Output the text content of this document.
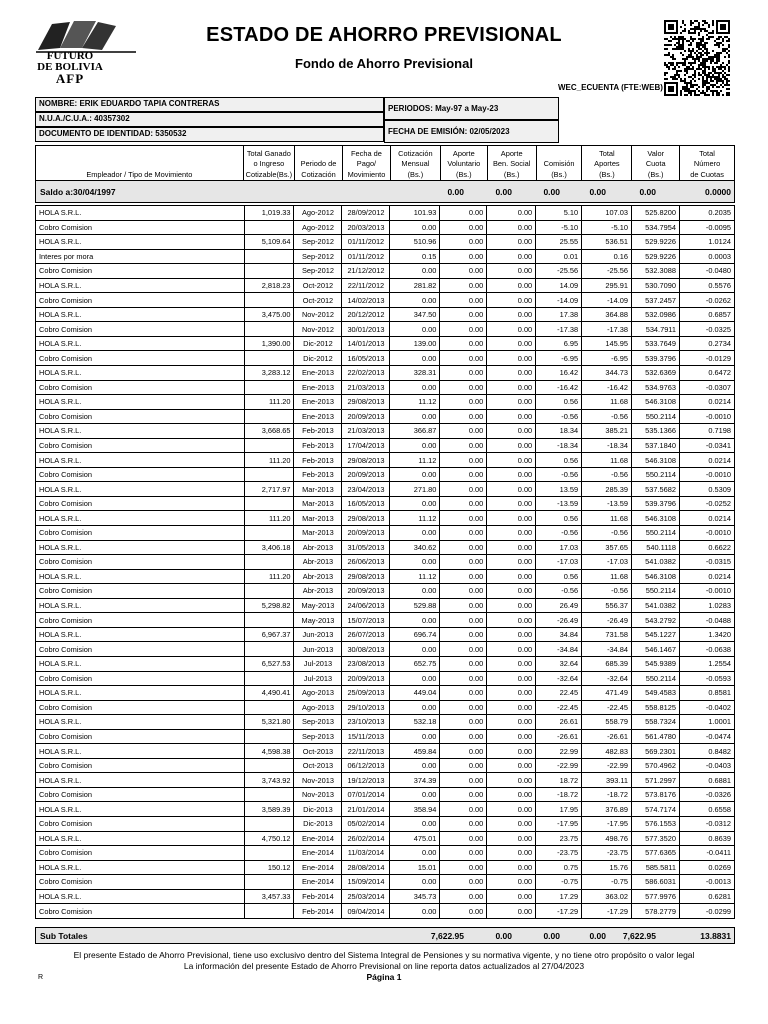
FUTURO
DE BOLIVIA
AFP
ESTADO DE AHORRO PREVISIONAL
Fondo de Ahorro Previsional
WEC_ECUENTA (FTE:WEB)
NOMBRE: ERIK EDUARDO TAPIA CONTRERAS
N.U.A./C.U.A.: 40357302
DOCUMENTO DE IDENTIDAD: 5350532
PERIODOS: May-97 a May-23
FECHA DE EMISIÓN: 02/05/2023
Empleador / Tipo de Movimiento

Total Ganado
o Ingreso
Cotizable(Bs.)

Periodo de
Cotización

Fecha de
Pago/
Movimiento

Cotización
Mensual
(Bs.)

Aporte
Voluntario
(Bs.)

Aporte
Ben. Social
(Bs.)

Comisión
(Bs.)

Total
Aportes
(Bs.)

Valor
Cuota
(Bs.)

Total
Número
de Cuotas
Saldo a:30/04/1997	0.00	0.00	0.00	0.00	0.00	0.0000
HOLA S.R.L.	1,019.33	Ago-2012	28/09/2012	101.93	0.00	0.00	5.10	107.03	525.8200	0.2035
Cobro Comision		Ago-2012	20/03/2013	0.00	0.00	0.00	-5.10	-5.10	534.7954	-0.0095
HOLA S.R.L.	5,109.64	Sep-2012	01/11/2012	510.96	0.00	0.00	25.55	536.51	529.9226	1.0124
Interes por mora		Sep-2012	01/11/2012	0.15	0.00	0.00	0.01	0.16	529.9226	0.0003
Cobro Comision		Sep-2012	21/12/2012	0.00	0.00	0.00	-25.56	-25.56	532.3088	-0.0480
HOLA S.R.L.	2,818.23	Oct-2012	22/11/2012	281.82	0.00	0.00	14.09	295.91	530.7090	0.5576
Cobro Comision		Oct-2012	14/02/2013	0.00	0.00	0.00	-14.09	-14.09	537.2457	-0.0262
HOLA S.R.L.	3,475.00	Nov-2012	20/12/2012	347.50	0.00	0.00	17.38	364.88	532.0986	0.6857
Cobro Comision		Nov-2012	30/01/2013	0.00	0.00	0.00	-17.38	-17.38	534.7911	-0.0325
HOLA S.R.L.	1,390.00	Dic-2012	14/01/2013	139.00	0.00	0.00	6.95	145.95	533.7649	0.2734
Cobro Comision		Dic-2012	16/05/2013	0.00	0.00	0.00	-6.95	-6.95	539.3796	-0.0129
HOLA S.R.L.	3,283.12	Ene-2013	22/02/2013	328.31	0.00	0.00	16.42	344.73	532.6369	0.6472
Cobro Comision		Ene-2013	21/03/2013	0.00	0.00	0.00	-16.42	-16.42	534.9763	-0.0307
HOLA S.R.L.	111.20	Ene-2013	29/08/2013	11.12	0.00	0.00	0.56	11.68	546.3108	0.0214
Cobro Comision		Ene-2013	20/09/2013	0.00	0.00	0.00	-0.56	-0.56	550.2114	-0.0010
HOLA S.R.L.	3,668.65	Feb-2013	21/03/2013	366.87	0.00	0.00	18.34	385.21	535.1366	0.7198
Cobro Comision		Feb-2013	17/04/2013	0.00	0.00	0.00	-18.34	-18.34	537.1840	-0.0341
HOLA S.R.L.	111.20	Feb-2013	29/08/2013	11.12	0.00	0.00	0.56	11.68	546.3108	0.0214
Cobro Comision		Feb-2013	20/09/2013	0.00	0.00	0.00	-0.56	-0.56	550.2114	-0.0010
HOLA S.R.L.	2,717.97	Mar-2013	23/04/2013	271.80	0.00	0.00	13.59	285.39	537.5682	0.5309
Cobro Comision		Mar-2013	16/05/2013	0.00	0.00	0.00	-13.59	-13.59	539.3796	-0.0252
HOLA S.R.L.	111.20	Mar-2013	29/08/2013	11.12	0.00	0.00	0.56	11.68	546.3108	0.0214
Cobro Comision		Mar-2013	20/09/2013	0.00	0.00	0.00	-0.56	-0.56	550.2114	-0.0010
HOLA S.R.L.	3,406.18	Abr-2013	31/05/2013	340.62	0.00	0.00	17.03	357.65	540.1118	0.6622
Cobro Comision		Abr-2013	26/06/2013	0.00	0.00	0.00	-17.03	-17.03	541.0382	-0.0315
HOLA S.R.L.	111.20	Abr-2013	29/08/2013	11.12	0.00	0.00	0.56	11.68	546.3108	0.0214
Cobro Comision		Abr-2013	20/09/2013	0.00	0.00	0.00	-0.56	-0.56	550.2114	-0.0010
HOLA S.R.L.	5,298.82	May-2013	24/06/2013	529.88	0.00	0.00	26.49	556.37	541.0382	1.0283
Cobro Comision		May-2013	15/07/2013	0.00	0.00	0.00	-26.49	-26.49	543.2792	-0.0488
HOLA S.R.L.	6,967.37	Jun-2013	26/07/2013	696.74	0.00	0.00	34.84	731.58	545.1227	1.3420
Cobro Comision		Jun-2013	30/08/2013	0.00	0.00	0.00	-34.84	-34.84	546.1467	-0.0638
HOLA S.R.L.	6,527.53	Jul-2013	23/08/2013	652.75	0.00	0.00	32.64	685.39	545.9389	1.2554
Cobro Comision		Jul-2013	20/09/2013	0.00	0.00	0.00	-32.64	-32.64	550.2114	-0.0593
HOLA S.R.L.	4,490.41	Ago-2013	25/09/2013	449.04	0.00	0.00	22.45	471.49	549.4583	0.8581
Cobro Comision		Ago-2013	29/10/2013	0.00	0.00	0.00	-22.45	-22.45	558.8125	-0.0402
HOLA S.R.L.	5,321.80	Sep-2013	23/10/2013	532.18	0.00	0.00	26.61	558.79	558.7324	1.0001
Cobro Comision		Sep-2013	15/11/2013	0.00	0.00	0.00	-26.61	-26.61	561.4780	-0.0474
HOLA S.R.L.	4,598.38	Oct-2013	22/11/2013	459.84	0.00	0.00	22.99	482.83	569.2301	0.8482
Cobro Comision		Oct-2013	06/12/2013	0.00	0.00	0.00	-22.99	-22.99	570.4962	-0.0403
HOLA S.R.L.	3,743.92	Nov-2013	19/12/2013	374.39	0.00	0.00	18.72	393.11	571.2997	0.6881
Cobro Comision		Nov-2013	07/01/2014	0.00	0.00	0.00	-18.72	-18.72	573.8176	-0.0326
HOLA S.R.L.	3,589.39	Dic-2013	21/01/2014	358.94	0.00	0.00	17.95	376.89	574.7174	0.6558
Cobro Comision		Dic-2013	05/02/2014	0.00	0.00	0.00	-17.95	-17.95	576.1553	-0.0312
HOLA S.R.L.	4,750.12	Ene-2014	26/02/2014	475.01	0.00	0.00	23.75	498.76	577.3520	0.8639
Cobro Comision		Ene-2014	11/03/2014	0.00	0.00	0.00	-23.75	-23.75	577.6365	-0.0411
HOLA S.R.L.	150.12	Ene-2014	28/08/2014	15.01	0.00	0.00	0.75	15.76	585.5811	0.0269
Cobro Comision		Ene-2014	15/09/2014	0.00	0.00	0.00	-0.75	-0.75	586.6031	-0.0013
HOLA S.R.L.	3,457.33	Feb-2014	25/03/2014	345.73	0.00	0.00	17.29	363.02	577.9976	0.6281
Cobro Comision		Feb-2014	09/04/2014	0.00	0.00	0.00	-17.29	-17.29	578.2779	-0.0299
Sub Totales	7,622.95	0.00	0.00	0.00 7,622.95	13.8831
El presente Estado de Ahorro Previsional, tiene uso exclusivo dentro del Sistema Integral de Pensiones y su normativa vigente, y no tiene otro propósito o valor legal
La información del presente Estado de Ahorro Previsional on line reporta datos actualizados al 27/04/2023
Página 1
R
